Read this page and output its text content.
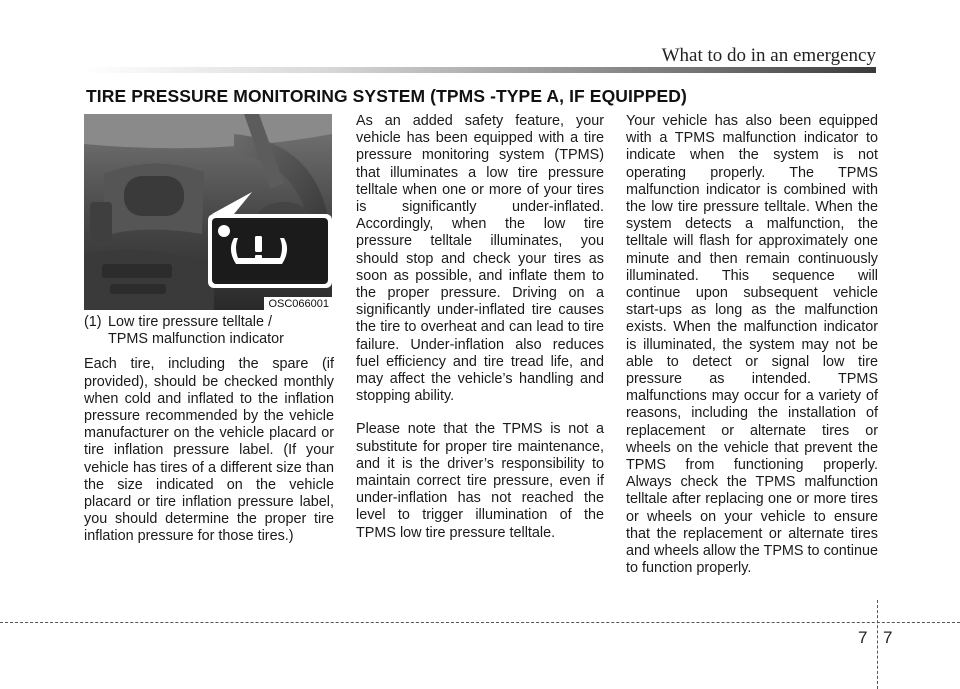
What to do in an emergency
TIRE PRESSURE MONITORING SYSTEM (TPMS -TYPE A, IF EQUIPPED)
OSC066001
(1) Low tire pressure telltale /
TPMS malfunction indicator

Each tire, including the spare (if provided), should be checked monthly when cold and inflated to the inflation pressure recommended by the vehicle manufacturer on the vehicle placard or tire inflation pressure label. (If your vehicle has tires of a different size than the size indicated on the vehicle placard or tire inflation pressure label, you should determine the proper tire inflation pressure for those tires.)

As an added safety feature, your vehicle has been equipped with a tire pressure monitoring system (TPMS) that illuminates a low tire pressure telltale when one or more of your tires is significantly under-inflated. Accordingly, when the low tire pressure telltale illuminates, you should stop and check your tires as soon as possible, and inflate them to the proper pressure. Driving on a significantly under-inflated tire causes the tire to overheat and can lead to tire failure. Under-inflation also reduces fuel efficiency and tire tread life, and may affect the vehicle’s handling and stopping ability.

Please note that the TPMS is not a substitute for proper tire maintenance, and it is the driver’s responsibility to maintain correct tire pressure, even if under-inflation has not reached the level to trigger illumination of the TPMS low tire pressure telltale.

Your vehicle has also been equipped with a TPMS malfunction indicator to indicate when the system is not operating properly. The TPMS malfunction indicator is combined with the low tire pressure telltale. When the system detects a malfunction, the telltale will flash for approximately one minute and then remain continuously illuminated. This sequence will continue upon subsequent vehicle start-ups as long as the malfunction exists. When the malfunction indicator is illuminated, the system may not be able to detect or signal low tire pressure as intended. TPMS malfunctions may occur for a variety of reasons, including the installation of replacement or alternate tires or wheels on the vehicle that prevent the TPMS from functioning properly. Always check the TPMS malfunction telltale after replacing one or more tires or wheels on your vehicle to ensure that the replacement or alternate tires and wheels allow the TPMS to continue to function properly.

7 7
